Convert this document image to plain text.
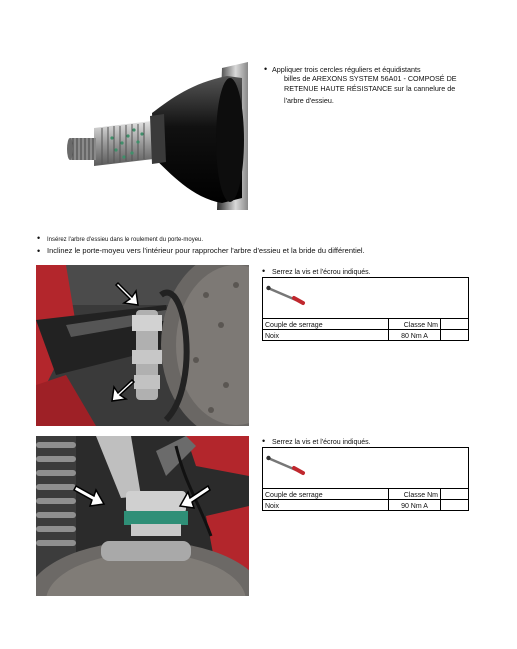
• Appliquer trois cercles réguliers et équidistants
billes de AREXONS SYSTEM 56A01 - COMPOSÉ DE
RETENUE HAUTE RÉSISTANCE sur la cannelure de
l'arbre d'essieu.
• Insérez l'arbre d'essieu dans le roulement du porte-moyeu.
• Inclinez le porte-moyeu vers l'intérieur pour rapprocher l'arbre d'essieu et la bride du différentiel.
• Serrez la vis et l'écrou indiqués.
Couple de serrage	Classe Nm	
Noix	80 Nm A	
• Serrez la vis et l'écrou indiqués.
Couple de serrage	Classe Nm	
Noix	90 Nm A	
